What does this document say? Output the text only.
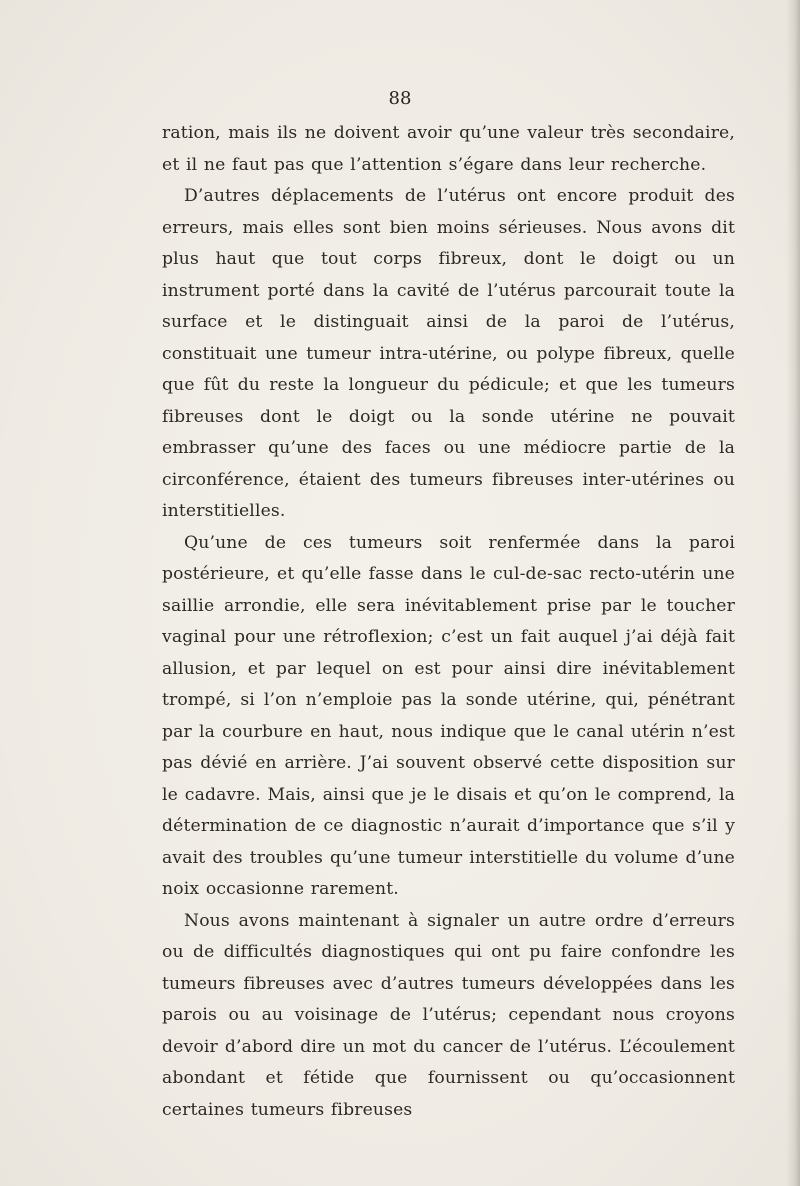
88

ration, mais ils ne doivent avoir qu’une valeur très secondaire, et il ne faut pas que l’attention s’égare dans leur recherche.

D’autres déplacements de l’utérus ont encore produit des erreurs, mais elles sont bien moins sérieuses. Nous avons dit plus haut que tout corps fibreux, dont le doigt ou un instrument porté dans la cavité de l’utérus parcourait toute la surface et le distinguait ainsi de la paroi de l’utérus, constituait une tumeur intra-utérine, ou polype fibreux, quelle que fût du reste la longueur du pédicule; et que les tumeurs fibreuses dont le doigt ou la sonde utérine ne pouvait embrasser qu’une des faces ou une médiocre partie de la circonférence, étaient des tumeurs fibreuses inter-utérines ou interstitielles.

Qu’une de ces tumeurs soit renfermée dans la paroi postérieure, et qu’elle fasse dans le cul-de-sac recto-utérin une saillie arrondie, elle sera inévitablement prise par le toucher vaginal pour une rétroflexion; c’est un fait auquel j’ai déjà fait allusion, et par lequel on est pour ainsi dire inévitablement trompé, si l’on n’emploie pas la sonde utérine, qui, pénétrant par la courbure en haut, nous indique que le canal utérin n’est pas dévié en arrière. J’ai souvent observé cette disposition sur le cadavre. Mais, ainsi que je le disais et qu’on le comprend, la détermination de ce diagnostic n’aurait d’importance que s’il y avait des troubles qu’une tumeur interstitielle du volume d’une noix occasionne rarement.

Nous avons maintenant à signaler un autre ordre d’erreurs ou de difficultés diagnostiques qui ont pu faire confondre les tumeurs fibreuses avec d’autres tumeurs développées dans les parois ou au voisinage de l’utérus; cependant nous croyons devoir d’abord dire un mot du cancer de l’utérus. L’écoulement abondant et fétide que fournissent ou qu’occasionnent certaines tumeurs fibreuses
